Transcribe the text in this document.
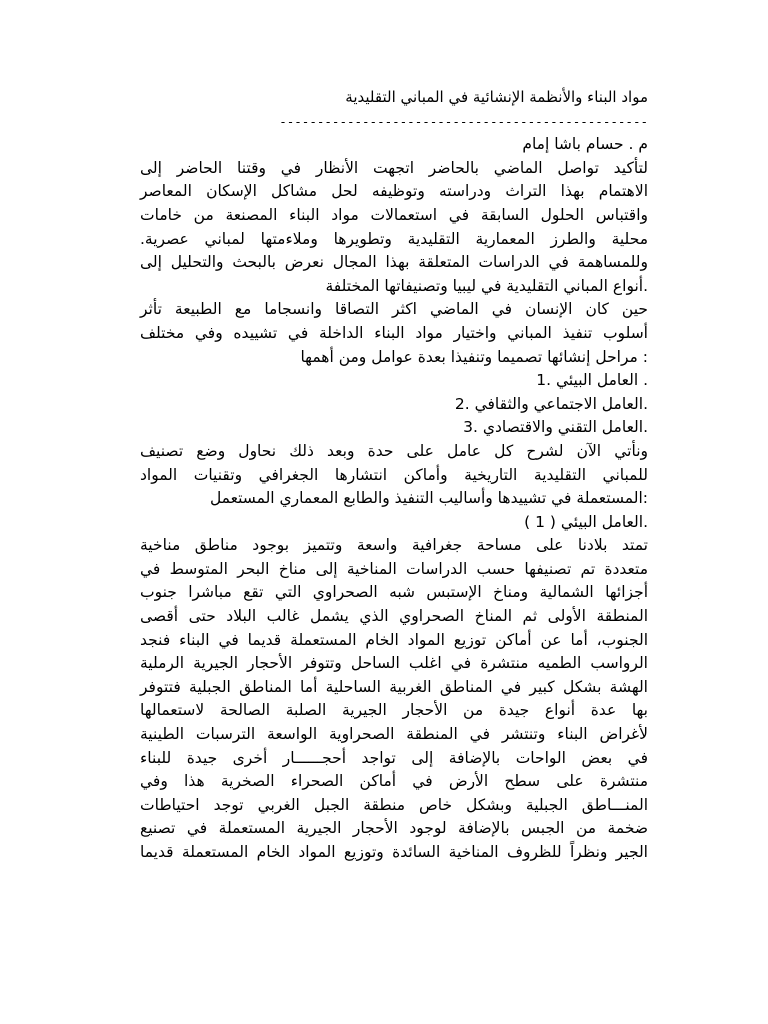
مواد البناء والأنظمة الإنشائية في المباني التقليدية
-------------------------------------------------
م . حسام باشا إمام
لتأكيد تواصل الماضي بالحاضر اتجهت الأنظار في وقتنا الحاضر إلى
الاهتمام بهذا التراث ودراسته وتوظيفه لحل مشاكل الإسكان المعاصر
واقتباس الحلول السابقة في استعمالات مواد البناء المصنعة من خامات
محلية والطرز المعمارية التقليدية وتطويرها وملاءمتها لمباني عصرية.
وللمساهمة في الدراسات المتعلقة بهذا المجال نعرض بالبحث والتحليل إلى
.أنواع المباني التقليدية في ليبيا وتصنيفاتها المختلفة
حين كان الإنسان في الماضي اكثر التصاقا وانسجاما مع الطبيعة تأثر
أسلوب تنفيذ المباني واختيار مواد البناء الداخلة في تشييده وفي مختلف
: مراحل إنشائها تصميما وتنفيذا بعدة عوامل ومن أهمها
. العامل البيئي .1
.العامل الاجتماعي والثقافي .2
.العامل التقني والاقتصادي .3
ونأتي الآن لشرح كل عامل على حدة وبعد ذلك نحاول وضع تصنيف
للمباني التقليدية التاريخية وأماكن انتشارها الجغرافي وتقنيات المواد
:المستعملة في تشييدها وأساليب التنفيذ والطابع المعماري المستعمل
.العامل البيئي ( 1 )
تمتد بلادنا على مساحة جغرافية واسعة وتتميز بوجود مناطق مناخية
متعددة تم تصنيفها حسب الدراسات المناخية إلى مناخ البحر المتوسط في
أجزائها الشمالية ومناخ الإستبس شبه الصحراوي التي تقع مباشرا جنوب
المنطقة الأولى ثم المناخ الصحراوي الذي يشمل غالب البلاد حتى أقصى
الجنوب، أما عن أماكن توزيع المواد الخام المستعملة قديما في البناء فنجد
الرواسب الطميه منتشرة في اغلب الساحل وتتوفر الأحجار الجيرية الرملية
الهشة بشكل كبير في المناطق الغربية الساحلية أما المناطق الجبلية فتتوفر
بها عدة أنواع جيدة من الأحجار الجيرية الصلبة الصالحة لاستعمالها
لأغراض البناء وتنتشر في المنطقة الصحراوية الواسعة الترسبات الطينية
في بعض الواحات بالإضافة إلى تواجد أحجــــــار أخرى جيدة للبناء
منتشرة على سطح الأرض في أماكن الصحراء الصخرية هذا وفي
المنـــاطق الجبلية وبشكل خاص منطقة الجبل الغربي توجد احتياطات
ضخمة من الجبس بالإضافة لوجود الأحجار الجيرية المستعملة في تصنيع
الجير ونظراً للظروف المناخية السائدة وتوزيع المواد الخام المستعملة قديما
